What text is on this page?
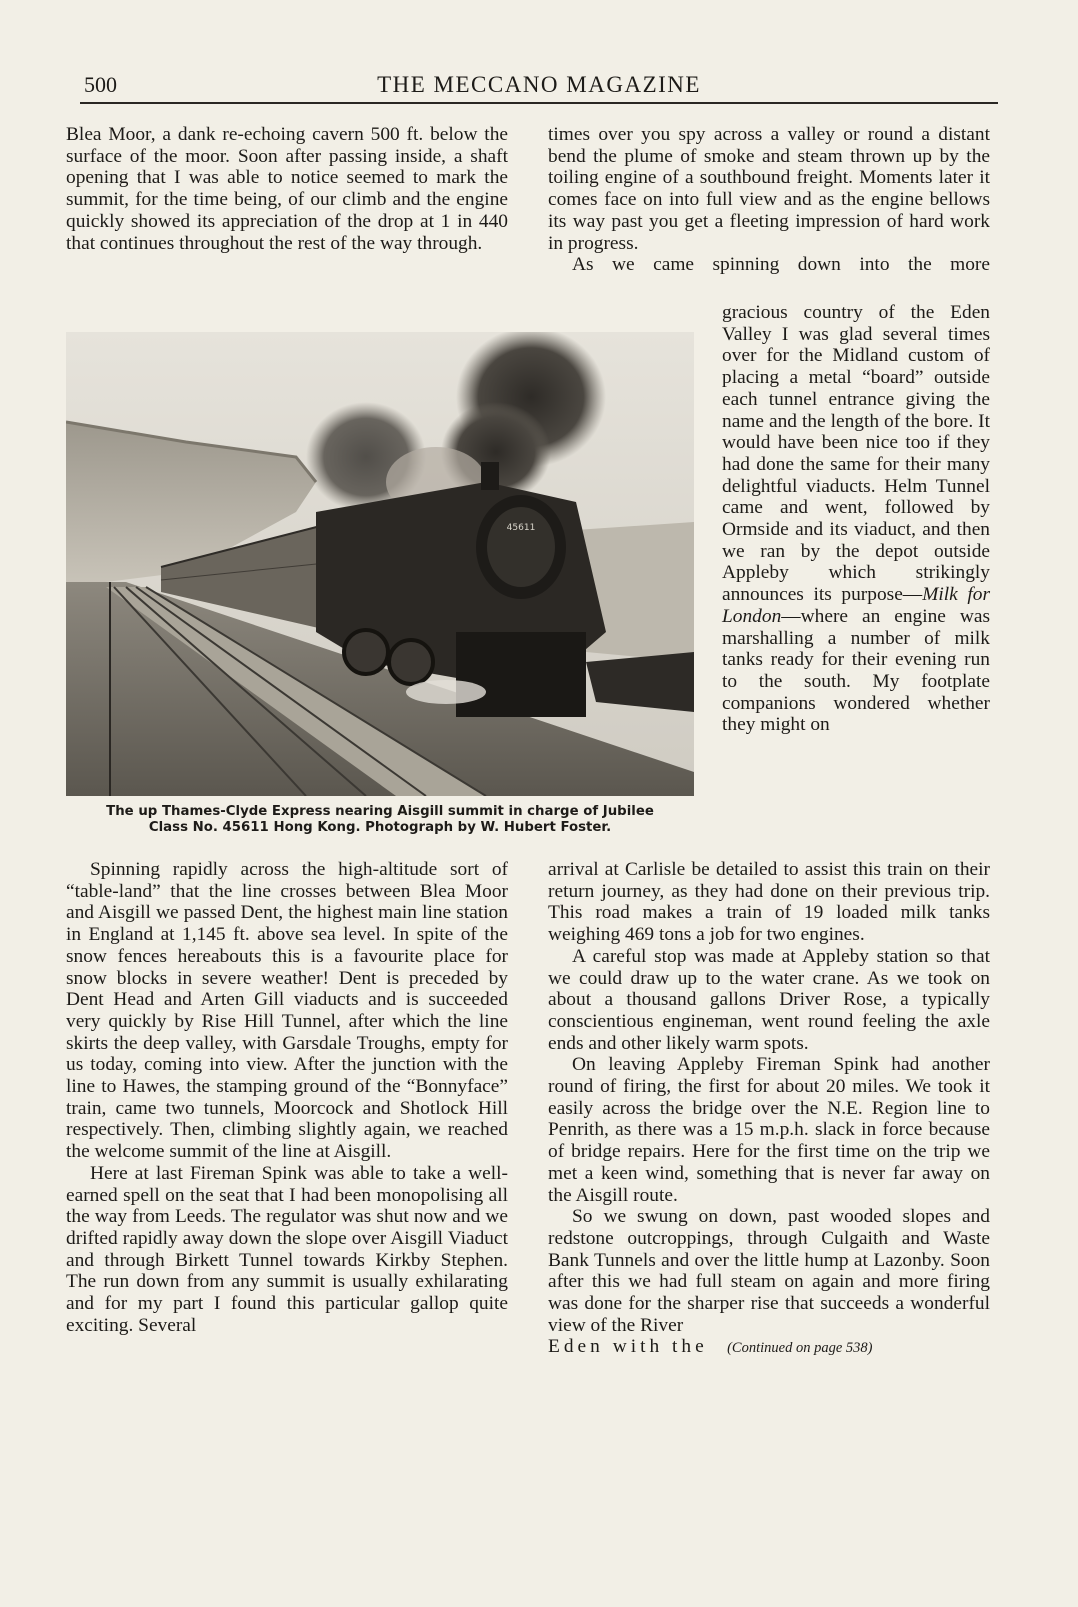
500	THE MECCANO MAGAZINE

Blea Moor, a dank re-echoing cavern 500 ft. below the surface of the moor. Soon after passing inside, a shaft opening that I was able to notice seemed to mark the summit, for the time being, of our climb and the engine quickly showed its appreciation of the drop at 1 in 440 that continues throughout the rest of the way through.

times over you spy across a valley or round a distant bend the plume of smoke and steam thrown up by the toiling engine of a southbound freight. Moments later it comes face on into full view and as the engine bellows its way past you get a fleeting impression of hard work in progress.

As we came spinning down into the more

gracious country of the Eden Valley I was glad several times over for the Midland custom of placing a metal “board” outside each tunnel entrance giving the name and the length of the bore. It would have been nice too if they had done the same for their many delightful viaducts. Helm Tunnel came and went, followed by Ormside and its viaduct, and then we ran by the depot outside Appleby which strikingly announces its purpose—Milk for London—where an engine was marshalling a number of milk tanks ready for their evening run to the south. My footplate companions wondered whether they might on

45611
The up Thames-Clyde Express nearing Aisgill summit in charge of Jubilee
Class No. 45611 Hong Kong. Photograph by W. Hubert Foster.

Spinning rapidly across the high-altitude sort of “table-land” that the line crosses between Blea Moor and Aisgill we passed Dent, the highest main line station in England at 1,145 ft. above sea level. In spite of the snow fences hereabouts this is a favourite place for snow blocks in severe weather! Dent is preceded by Dent Head and Arten Gill viaducts and is succeeded very quickly by Rise Hill Tunnel, after which the line skirts the deep valley, with Garsdale Troughs, empty for us today, coming into view. After the junction with the line to Hawes, the stamping ground of the “Bonnyface” train, came two tunnels, Moorcock and Shotlock Hill respectively. Then, climbing slightly again, we reached the welcome summit of the line at Aisgill.

Here at last Fireman Spink was able to take a well-earned spell on the seat that I had been monopolising all the way from Leeds. The regulator was shut now and we drifted rapidly away down the slope over Aisgill Viaduct and through Birkett Tunnel towards Kirkby Stephen. The run down from any summit is usually exhilarating and for my part I found this particular gallop quite exciting. Several

arrival at Carlisle be detailed to assist this train on their return journey, as they had done on their previous trip. This road makes a train of 19 loaded milk tanks weighing 469 tons a job for two engines.

A careful stop was made at Appleby station so that we could draw up to the water crane. As we took on about a thousand gallons Driver Rose, a typically conscientious engineman, went round feeling the axle ends and other likely warm spots.

On leaving Appleby Fireman Spink had another round of firing, the first for about 20 miles. We took it easily across the bridge over the N.E. Region line to Penrith, as there was a 15 m.p.h. slack in force because of bridge repairs. Here for the first time on the trip we met a keen wind, something that is never far away on the Aisgill route.

So we swung on down, past wooded slopes and redstone outcroppings, through Culgaith and Waste Bank Tunnels and over the little hump at Lazonby. Soon after this we had full steam on again and more firing was done for the sharper rise that succeeds a wonderful view of the River

Eden with the (Continued on page 538)
